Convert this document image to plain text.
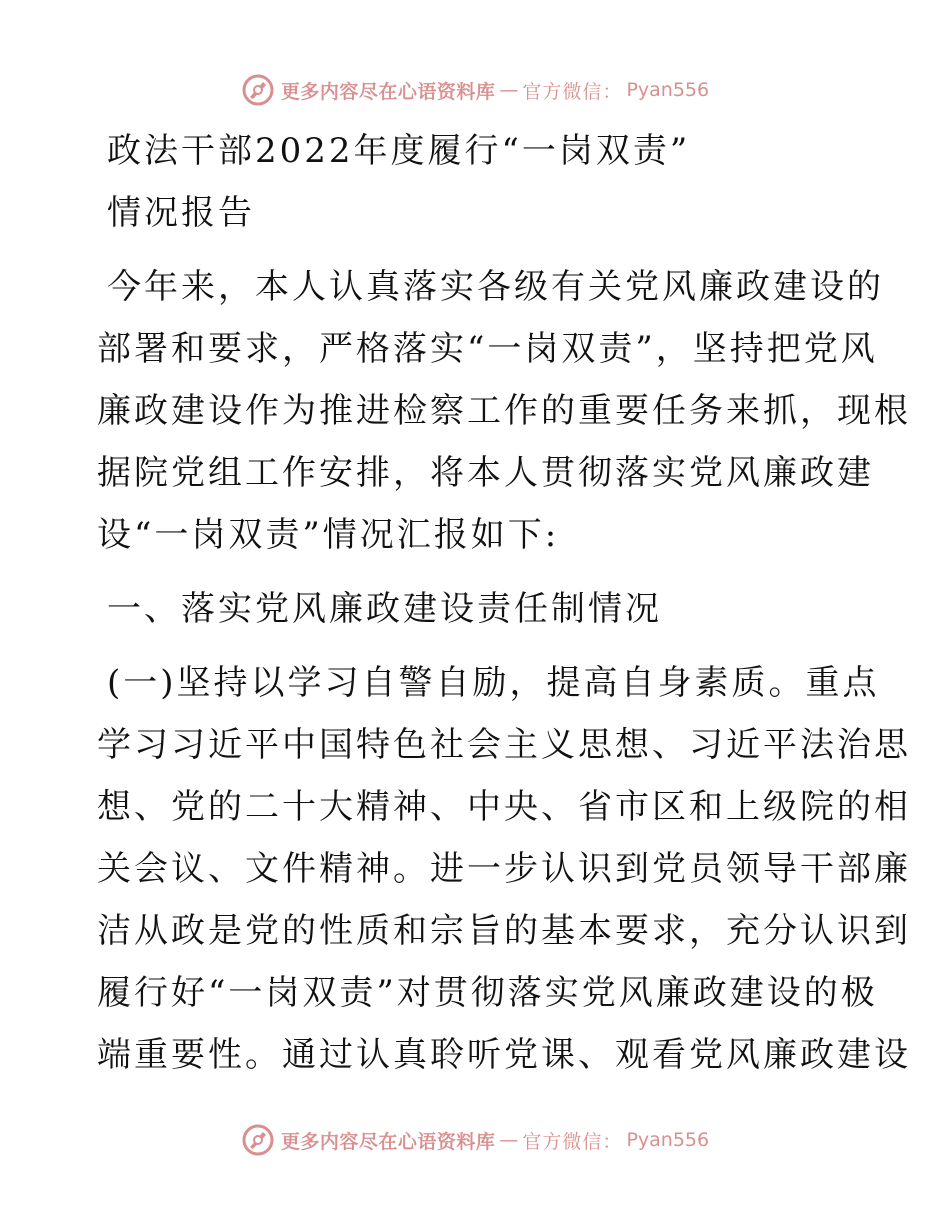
更多内容尽在心语资料库 — 官方微信： Pyan556
政法干部2022年度履行“一岗双责”
情况报告
今年来，本人认真落实各级有关党风廉政建设的
部署和要求，严格落实“一岗双责”，坚持把党风
廉政建设作为推进检察工作的重要任务来抓，现根
据院党组工作安排，将本人贯彻落实党风廉政建
设“一岗双责”情况汇报如下:
一、落实党风廉政建设责任制情况
(一)坚持以学习自警自励，提高自身素质。重点
学习习近平中国特色社会主义思想、习近平法治思
想、党的二十大精神、中央、省市区和上级院的相
关会议、文件精神。进一步认识到党员领导干部廉
洁从政是党的性质和宗旨的基本要求，充分认识到
履行好“一岗双责”对贯彻落实党风廉政建设的极
端重要性。通过认真聆听党课、观看党风廉政建设
更多内容尽在心语资料库 — 官方微信： Pyan556
